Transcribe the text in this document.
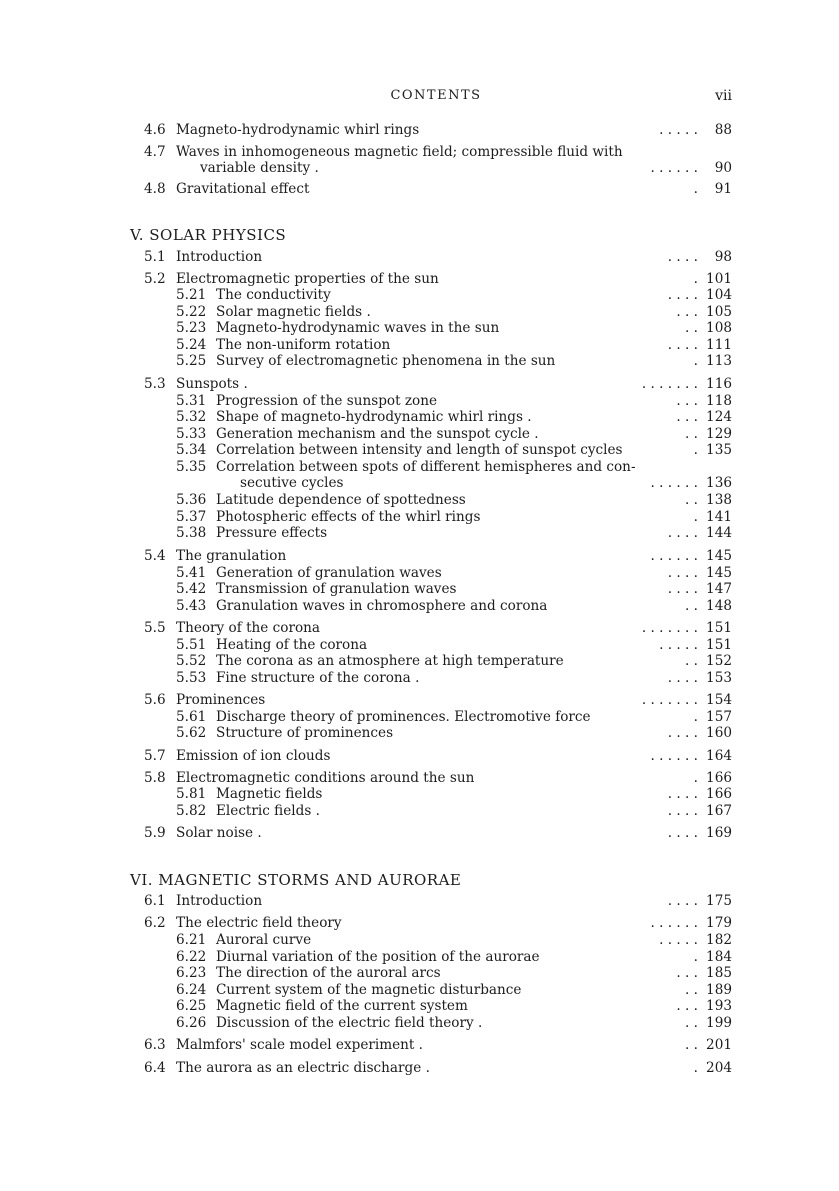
CONTENTS	vii
V. SOLAR PHYSICS
VI. MAGNETIC STORMS AND AURORAE
4.6 Magneto-hydrodynamic whirl rings	. . . . .	88
4.7 Waves in inhomogeneous magnetic field; compressible fluid with
variable density .	. . . . . .	90
4.8 Gravitational effect	.	91
5.1 Introduction	. . . .	98
5.2 Electromagnetic properties of the sun	. 101
5.21 The conductivity	. . . . 104
5.22 Solar magnetic fields .	. . . 105
5.23 Magneto-hydrodynamic waves in the sun	. . 108
5.24 The non-uniform rotation	. . . . 111
5.25 Survey of electromagnetic phenomena in the sun	. 113
5.3 Sunspots .	. . . . . . . 116
5.31 Progression of the sunspot zone	. . . 118
5.32 Shape of magneto-hydrodynamic whirl rings .	. . . 124
5.33 Generation mechanism and the sunspot cycle .	. . 129
5.34 Correlation between intensity and length of sunspot cycles	. 135
5.35 Correlation between spots of different hemispheres and con-
secutive cycles	. . . . . . 136
5.36 Latitude dependence of spottedness	. . 138
5.37 Photospheric effects of the whirl rings	. 141
5.38 Pressure effects	. . . . 144
5.4 The granulation	. . . . . . 145
5.41 Generation of granulation waves	. . . . 145
5.42 Transmission of granulation waves	. . . . 147
5.43 Granulation waves in chromosphere and corona	. . 148
5.5 Theory of the corona	. . . . . . . 151
5.51 Heating of the corona	. . . . . 151
5.52 The corona as an atmosphere at high temperature	. . 152
5.53 Fine structure of the corona .	. . . . 153
5.6 Prominences	. . . . . . . 154
5.61 Discharge theory of prominences. Electromotive force	. 157
5.62 Structure of prominences	. . . . 160
5.7 Emission of ion clouds	. . . . . . 164
5.8 Electromagnetic conditions around the sun	. 166
5.81 Magnetic fields	. . . . 166
5.82 Electric fields .	. . . . 167
5.9 Solar noise .	. . . . 169
6.1 Introduction	. . . . 175
6.2 The electric field theory	. . . . . . 179
6.21 Auroral curve	. . . . . 182
6.22 Diurnal variation of the position of the aurorae	. 184
6.23 The direction of the auroral arcs	. . . 185
6.24 Current system of the magnetic disturbance	. . 189
6.25 Magnetic field of the current system	. . . 193
6.26 Discussion of the electric field theory .	. . 199
6.3 Malmfors' scale model experiment .	. . 201
6.4 The aurora as an electric discharge .	. 204
